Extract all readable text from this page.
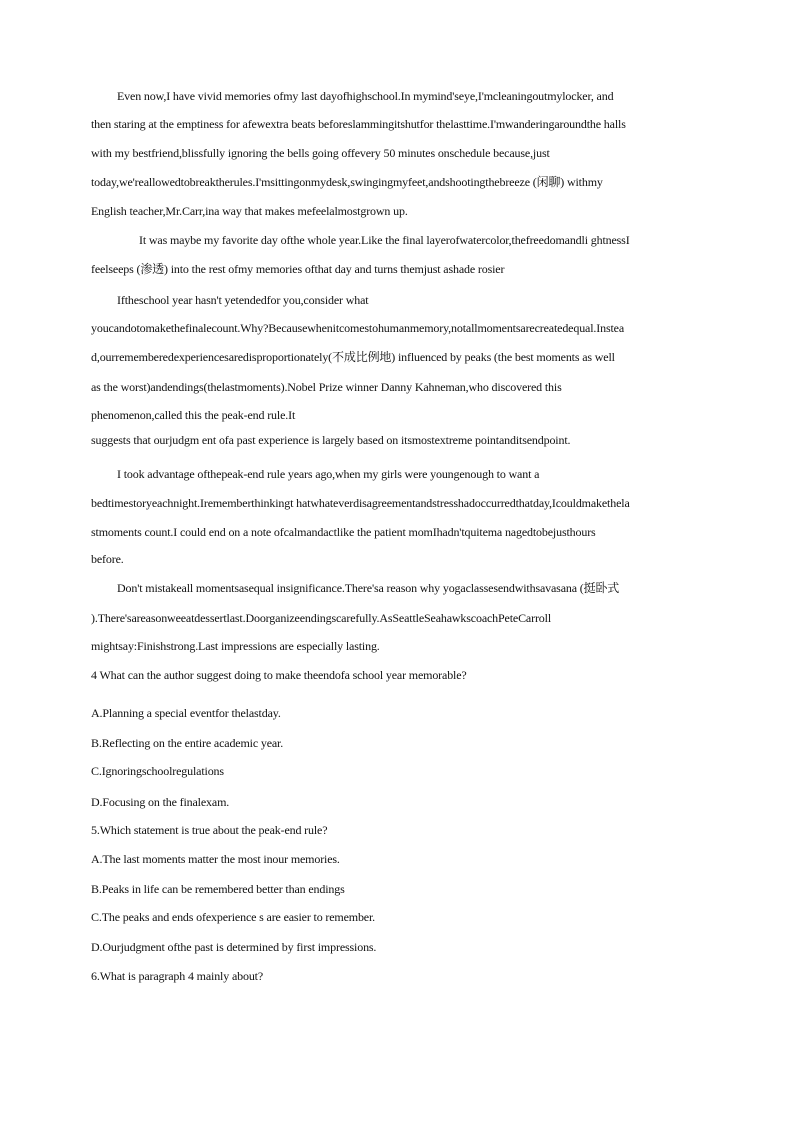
Even now,I have vivid memories ofmy last dayofhighschool.In mymind'seye,I'mcleaningoutmylocker, and
then staring at the emptiness for afewextra beats beforeslammingitshutfor thelasttime.I'mwanderingaroundthe halls
with my bestfriend,blissfully ignoring the bells going offevery 50 minutes onschedule because,just
today,we'reallowedtobreaktherules.I'msittingonmydesk,swingingmyfeet,andshootingthebreeze (闲聊) withmy
English teacher,Mr.Carr,ina way that makes mefeelalmostgrown up.
It was maybe my favorite day ofthe whole year.Like the final layerofwatercolor,thefreedomandli ghtnessI
feelseeps (渗透) into the rest ofmy memories ofthat day and turns themjust ashade rosier
Iftheschool year hasn't yetendedfor you,consider what
youcandotomakethefinalecount.Why?Becausewhenitcomestohumanmemory,notallmomentsarecreatedequal.Instea
d,ourrememberedexperiencesaredisproportionately(不成比例地) influenced by peaks (the best moments as well
as the worst)andendings(thelastmoments).Nobel Prize winner Danny Kahneman,who discovered this
phenomenon,called this the peak-end rule.It
suggests that ourjudgm ent ofa past experience is largely based on itsmostextreme pointanditsendpoint.
I took advantage ofthepeak-end rule years ago,when my girls were youngenough to want a
bedtimestoryeachnight.Irememberthinkingt hatwhateverdisagreementandstresshadoccurredthatday,Icouldmakethela
stmoments count.I could end on a note ofcalmandactlike the patient momIhadn'tquitema nagedtobejusthours
before.
Don't mistakeall momentsasequal insignificance.There'sa reason why yogaclassesendwithsavasana (挺卧式
).There'sareasonweeatdessertlast.Doorganizeendingscarefully.AsSeattleSeahawkscoachPeteCarroll
mightsay:Finishstrong.Last impressions are especially lasting.
4 What can the author suggest doing to make theendofa school year memorable?
A.Planning a special eventfor thelastday.
B.Reflecting on the entire academic year.
C.Ignoringschoolregulations
D.Focusing on the finalexam.
5.Which statement is true about the peak-end rule?
A.The last moments matter the most inour memories.
B.Peaks in life can be remembered better than endings
C.The peaks and ends ofexperience s are easier to remember.
D.Ourjudgment ofthe past is determined by first impressions.
6.What is paragraph 4 mainly about?
